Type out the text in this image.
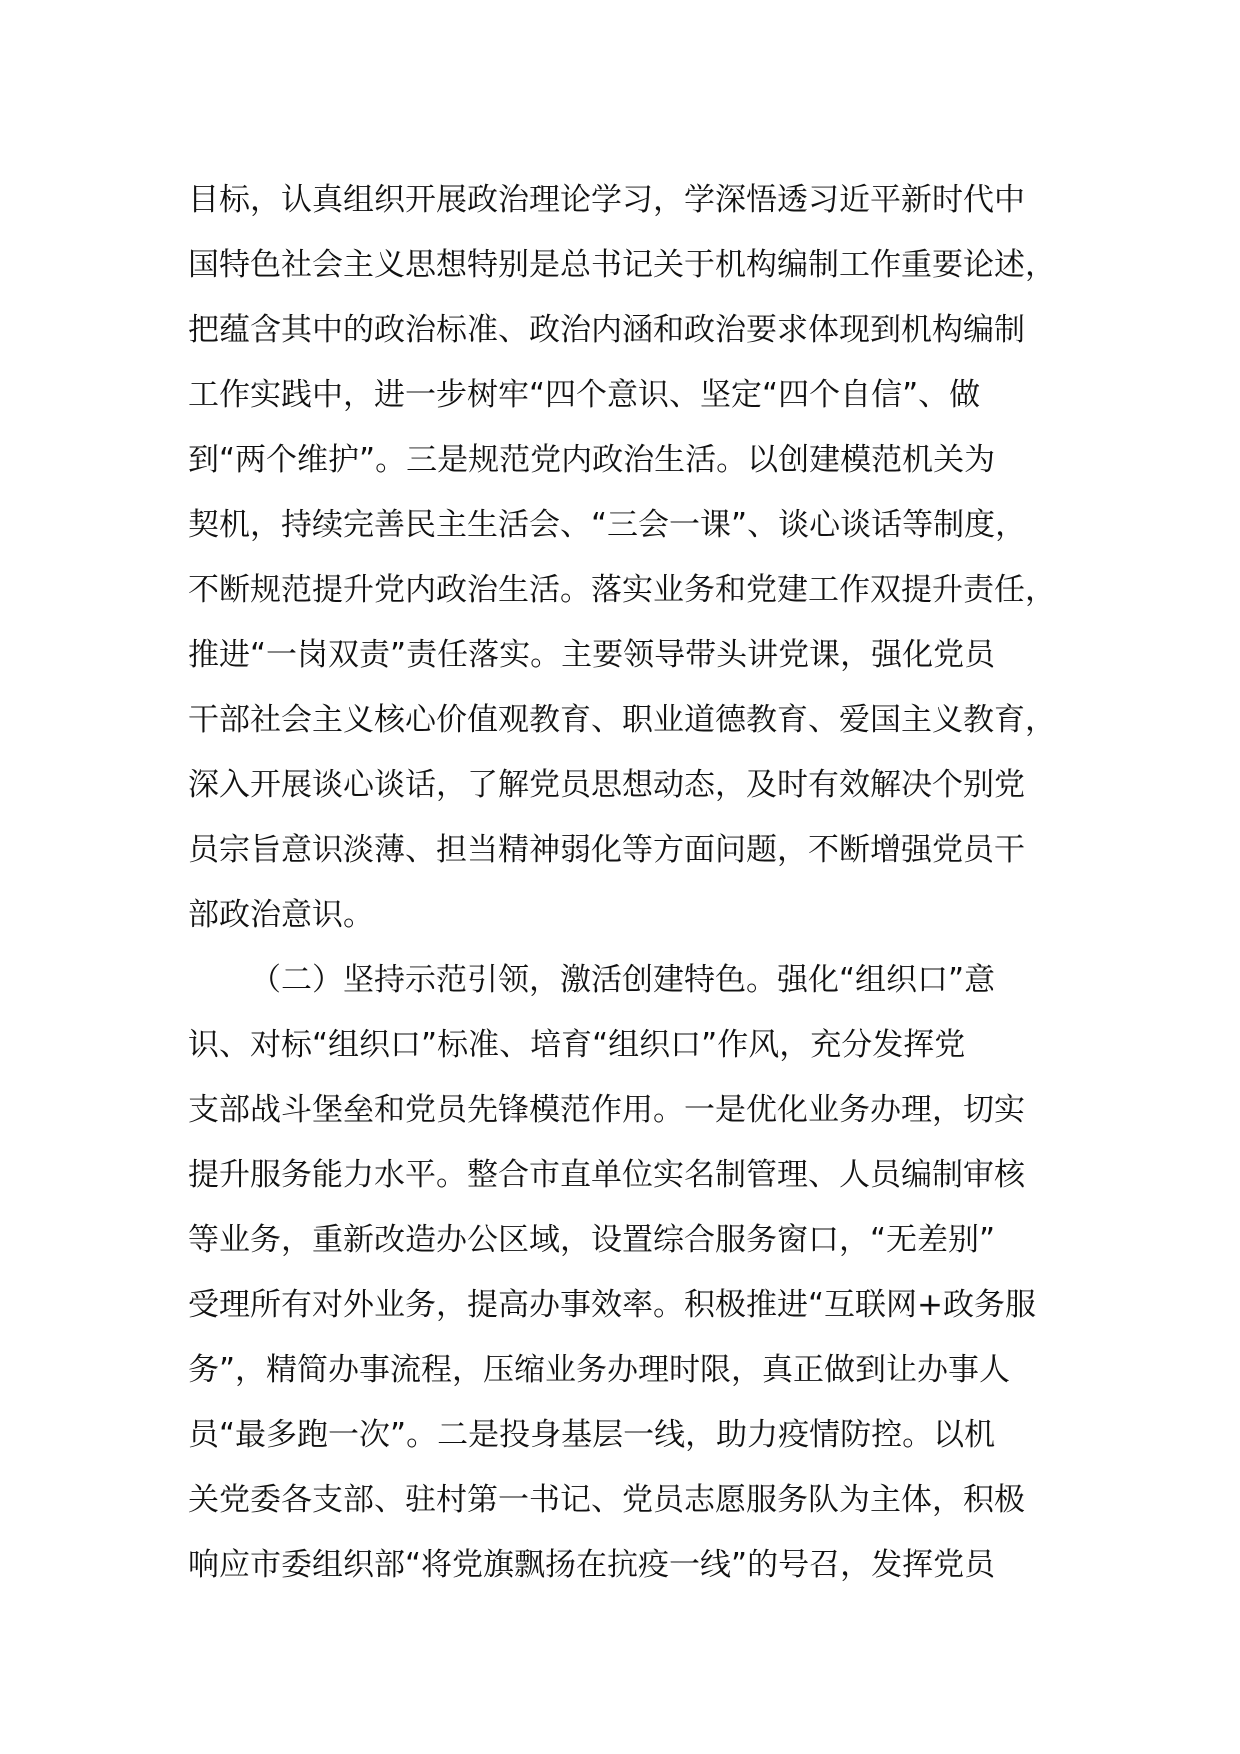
目标，认真组织开展政治理论学习，学深悟透习近平新时代中
国特色社会主义思想特别是总书记关于机构编制工作重要论述，
把蕴含其中的政治标准、政治内涵和政治要求体现到机构编制
工作实践中，进一步树牢“四个意识、坚定“四个自信”、做
到“两个维护”。三是规范党内政治生活。以创建模范机关为
契机，持续完善民主生活会、“三会一课”、谈心谈话等制度，
不断规范提升党内政治生活。落实业务和党建工作双提升责任，
推进“一岗双责”责任落实。主要领导带头讲党课，强化党员
干部社会主义核心价值观教育、职业道德教育、爱国主义教育，
深入开展谈心谈话，了解党员思想动态，及时有效解决个别党
员宗旨意识淡薄、担当精神弱化等方面问题，不断增强党员干
部政治意识。
（二）坚持示范引领，激活创建特色。强化“组织口”意
识、对标“组织口”标准、培育“组织口”作风，充分发挥党
支部战斗堡垒和党员先锋模范作用。一是优化业务办理，切实
提升服务能力水平。整合市直单位实名制管理、人员编制审核
等业务，重新改造办公区域，设置综合服务窗口，“无差别”
受理所有对外业务，提高办事效率。积极推进“互联网+政务服
务”，精简办事流程，压缩业务办理时限，真正做到让办事人
员“最多跑一次”。二是投身基层一线，助力疫情防控。以机
关党委各支部、驻村第一书记、党员志愿服务队为主体，积极
响应市委组织部“将党旗飘扬在抗疫一线”的号召，发挥党员
